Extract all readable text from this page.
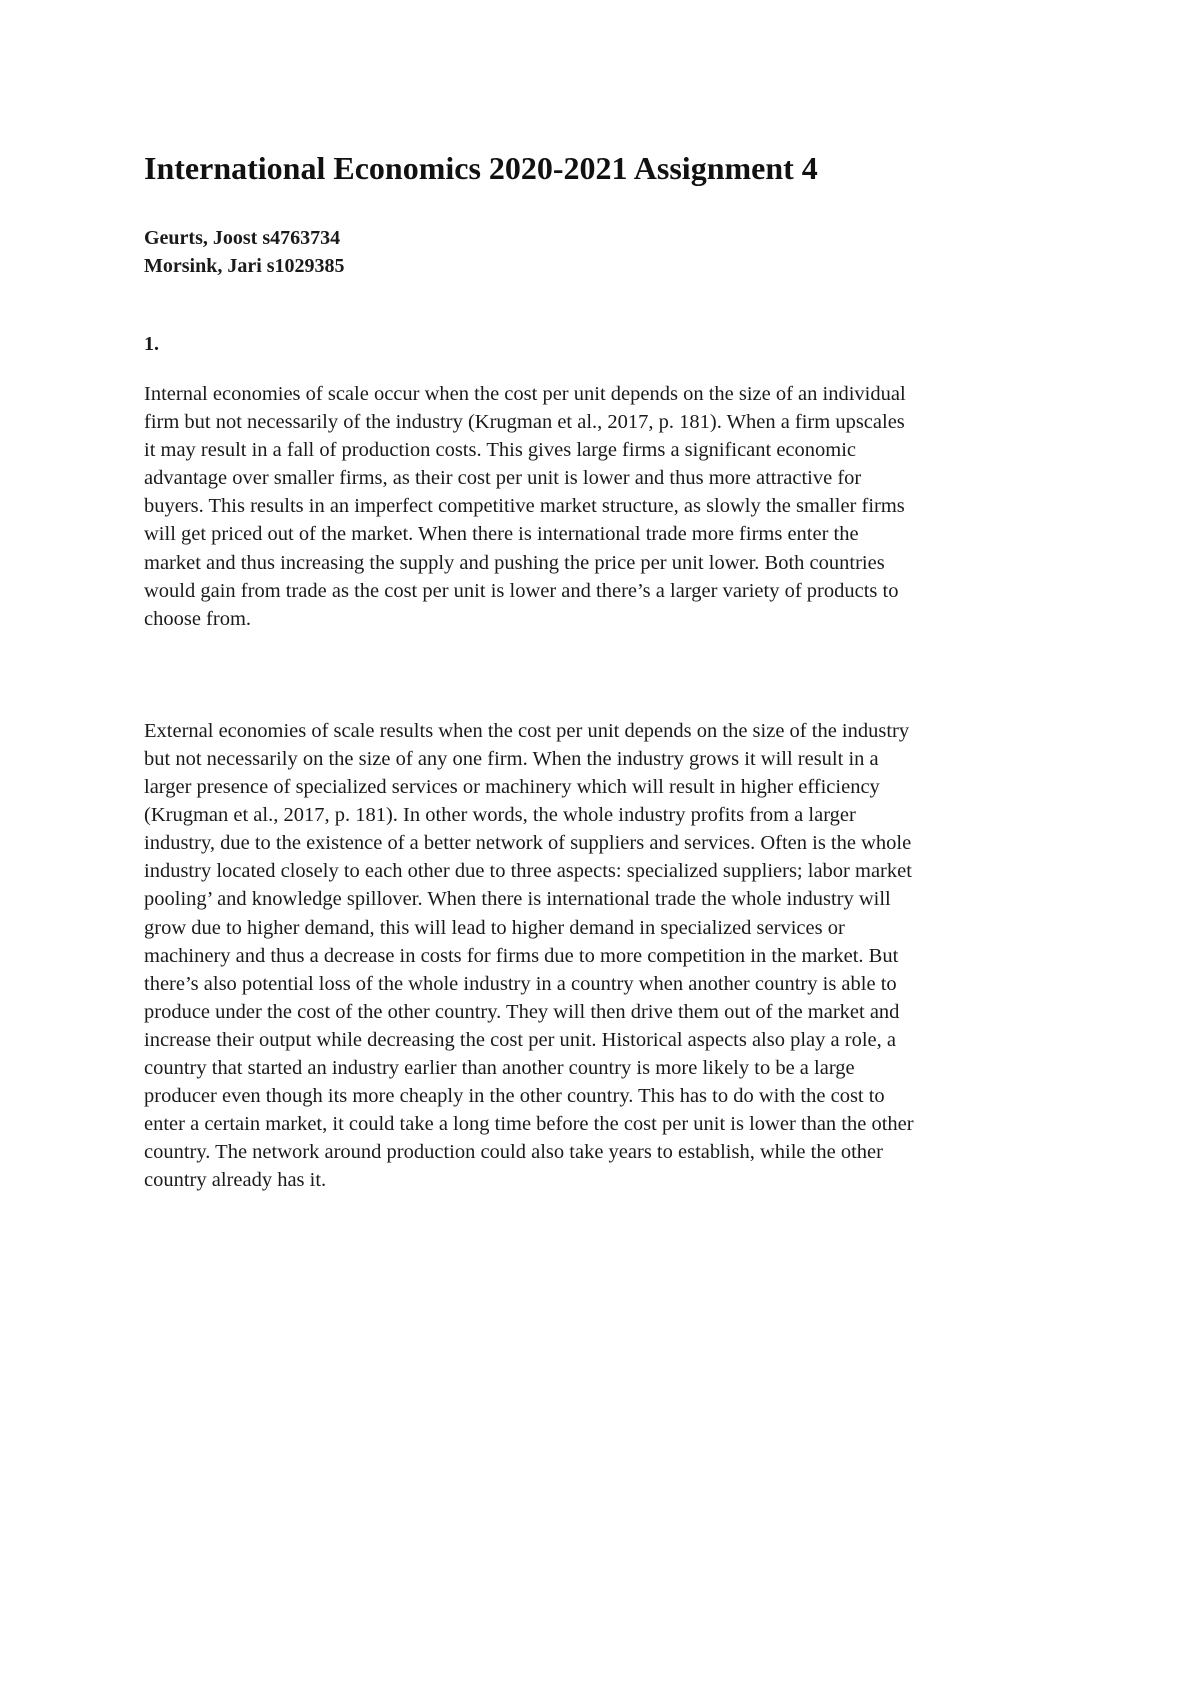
International Economics 2020-2021 Assignment 4
Geurts, Joost s4763734
Morsink, Jari s1029385
1.

Internal economies of scale occur when the cost per unit depends on the size of an individual
firm but not necessarily of the industry (Krugman et al., 2017, p. 181). When a firm upscales
it may result in a fall of production costs. This gives large firms a significant economic
advantage over smaller firms, as their cost per unit is lower and thus more attractive for
buyers. This results in an imperfect competitive market structure, as slowly the smaller firms
will get priced out of the market. When there is international trade more firms enter the
market and thus increasing the supply and pushing the price per unit lower. Both countries
would gain from trade as the cost per unit is lower and there’s a larger variety of products to
choose from.

External economies of scale results when the cost per unit depends on the size of the industry
but not necessarily on the size of any one firm. When the industry grows it will result in a
larger presence of specialized services or machinery which will result in higher efficiency
(Krugman et al., 2017, p. 181). In other words, the whole industry profits from a larger
industry, due to the existence of a better network of suppliers and services. Often is the whole
industry located closely to each other due to three aspects: specialized suppliers; labor market
pooling’ and knowledge spillover. When there is international trade the whole industry will
grow due to higher demand, this will lead to higher demand in specialized services or
machinery and thus a decrease in costs for firms due to more competition in the market. But
there’s also potential loss of the whole industry in a country when another country is able to
produce under the cost of the other country. They will then drive them out of the market and
increase their output while decreasing the cost per unit. Historical aspects also play a role, a
country that started an industry earlier than another country is more likely to be a large
producer even though its more cheaply in the other country. This has to do with the cost to
enter a certain market, it could take a long time before the cost per unit is lower than the other
country. The network around production could also take years to establish, while the other
country already has it.
